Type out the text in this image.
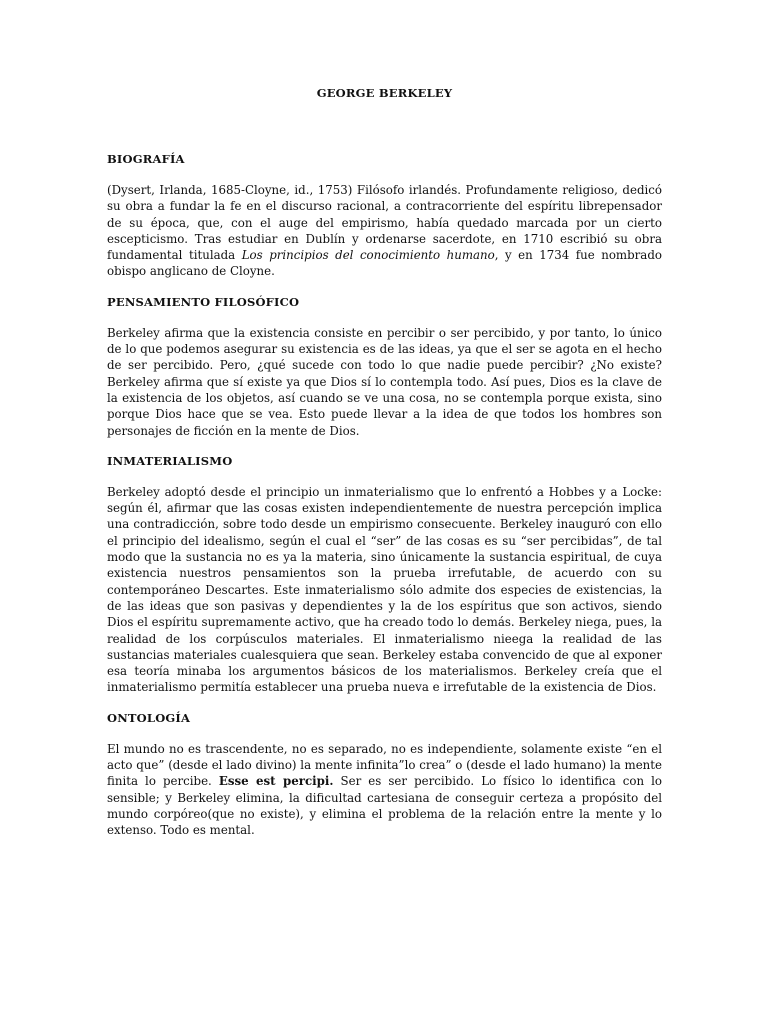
GEORGE BERKELEY
BIOGRAFÍA

(Dysert, Irlanda, 1685-Cloyne, id., 1753) Filósofo irlandés. Profundamente religioso, dedicó su obra a fundar la fe en el discurso racional, a contracorriente del espíritu librepensador de su época, que, con el auge del empirismo, había quedado marcada por un cierto escepticismo. Tras estudiar en Dublín y ordenarse sacerdote, en 1710 escribió su obra fundamental titulada Los principios del conocimiento humano, y en 1734 fue nombrado obispo anglicano de Cloyne.

PENSAMIENTO FILOSÓFICO

Berkeley afirma que la existencia consiste en percibir o ser percibido, y por tanto, lo único de lo que podemos asegurar su existencia es de las ideas, ya que el ser se agota en el hecho de ser percibido. Pero, ¿qué sucede con todo lo que nadie puede percibir? ¿No existe? Berkeley afirma que sí existe ya que Dios sí lo contempla todo. Así pues, Dios es la clave de la existencia de los objetos, así cuando se ve una cosa, no se contempla porque exista, sino porque Dios hace que se vea. Esto puede llevar a la idea de que todos los hombres son personajes de ficción en la mente de Dios.

INMATERIALISMO

Berkeley adoptó desde el principio un inmaterialismo que lo enfrentó a Hobbes y a Locke: según él, afirmar que las cosas existen independientemente de nuestra percepción implica una contradicción, sobre todo desde un empirismo consecuente. Berkeley inauguró con ello el principio del idealismo, según el cual el “ser” de las cosas es su “ser percibidas”, de tal modo que la sustancia no es ya la materia, sino únicamente la sustancia espiritual, de cuya existencia nuestros pensamientos son la prueba irrefutable, de acuerdo con su contemporáneo Descartes. Este inmaterialismo sólo admite dos especies de existencias, la de las ideas que son pasivas y dependientes y la de los espíritus que son activos, siendo Dios el espíritu supremamente activo, que ha creado todo lo demás. Berkeley niega, pues, la realidad de los corpúsculos materiales. El inmaterialismo nieega la realidad de las sustancias materiales cualesquiera que sean. Berkeley estaba convencido de que al exponer esa teoría minaba los argumentos básicos de los materialismos. Berkeley creía que el inmaterialismo permitía establecer una prueba nueva e irrefutable de la existencia de Dios.

ONTOLOGÍA

El mundo no es trascendente, no es separado, no es independiente, solamente existe “en el acto que” (desde el lado divino) la mente infinita”lo crea” o (desde el lado humano) la mente finita lo percibe. Esse est percipi. Ser es ser percibido. Lo físico lo identifica con lo sensible; y Berkeley elimina, la dificultad cartesiana de conseguir certeza a propósito del mundo corpóreo(que no existe), y elimina el problema de la relación entre la mente y lo extenso. Todo es mental.
